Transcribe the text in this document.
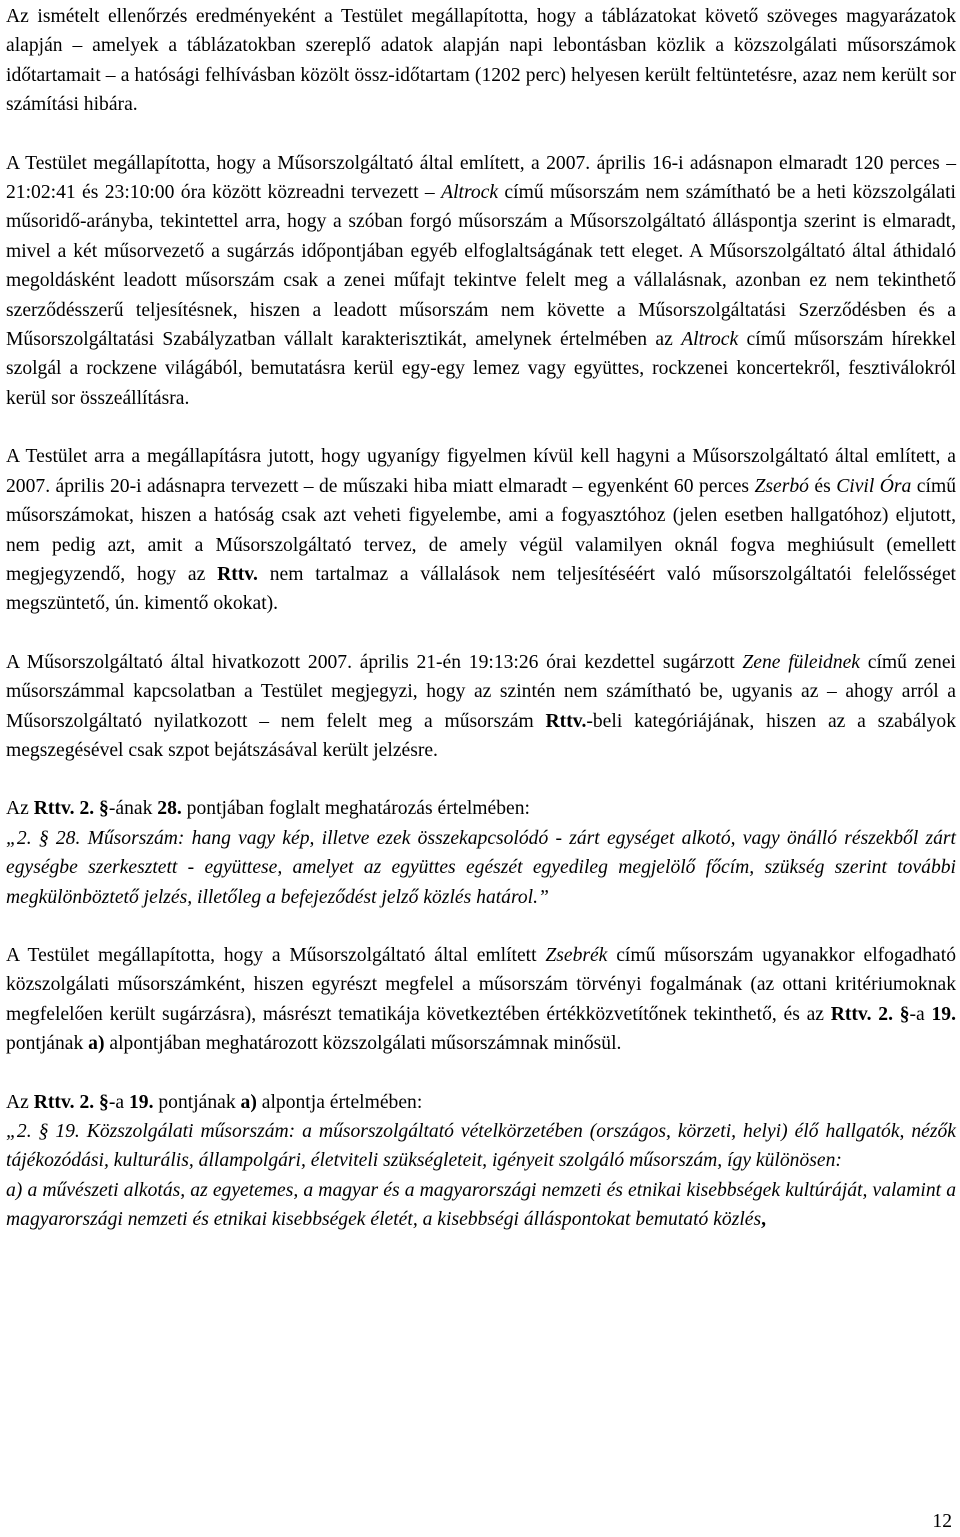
Az ismételt ellenőrzés eredményeként a Testület megállapította, hogy a táblázatokat követő szöveges magyarázatok alapján – amelyek a táblázatokban szereplő adatok alapján napi lebontásban közlik a közszolgálati műsorszámok időtartamait – a hatósági felhívásban közölt össz-időtartam (1202 perc) helyesen került feltüntetésre, azaz nem került sor számítási hibára.

A Testület megállapította, hogy a Műsorszolgáltató által említett, a 2007. április 16-i adásnapon elmaradt 120 perces – 21:02:41 és 23:10:00 óra között közreadni tervezett – Altrock című műsorszám nem számítható be a heti közszolgálati műsoridő-arányba, tekintettel arra, hogy a szóban forgó műsorszám a Műsorszolgáltató álláspontja szerint is elmaradt, mivel a két műsorvezető a sugárzás időpontjában egyéb elfoglaltságának tett eleget. A Műsorszolgáltató által áthidaló megoldásként leadott műsorszám csak a zenei műfajt tekintve felelt meg a vállalásnak, azonban ez nem tekinthető szerződésszerű teljesítésnek, hiszen a leadott műsorszám nem követte a Műsorszolgáltatási Szerződésben és a Műsorszolgáltatási Szabályzatban vállalt karakterisztikát, amelynek értelmében az Altrock című műsorszám hírekkel szolgál a rockzene világából, bemutatásra kerül egy-egy lemez vagy együttes, rockzenei koncertekről, fesztiválokról kerül sor összeállításra.

A Testület arra a megállapításra jutott, hogy ugyanígy figyelmen kívül kell hagyni a Műsorszolgáltató által említett, a 2007. április 20-i adásnapra tervezett – de műszaki hiba miatt elmaradt – egyenként 60 perces Zserbó és Civil Óra című műsorszámokat, hiszen a hatóság csak azt veheti figyelembe, ami a fogyasztóhoz (jelen esetben hallgatóhoz) eljutott, nem pedig azt, amit a Műsorszolgáltató tervez, de amely végül valamilyen oknál fogva meghiúsult (emellett megjegyzendő, hogy az Rttv. nem tartalmaz a vállalások nem teljesítéséért való műsorszolgáltatói felelősséget megszüntető, ún. kimentő okokat).

A Műsorszolgáltató által hivatkozott 2007. április 21-én 19:13:26 órai kezdettel sugárzott Zene füleidnek című zenei műsorszámmal kapcsolatban a Testület megjegyzi, hogy az szintén nem számítható be, ugyanis az – ahogy arról a Műsorszolgáltató nyilatkozott – nem felelt meg a műsorszám Rttv.-beli kategóriájának, hiszen az a szabályok megszegésével csak szpot bejátszásával került jelzésre.

Az Rttv. 2. §-ának 28. pontjában foglalt meghatározás értelmében:

„2. § 28. Műsorszám: hang vagy kép, illetve ezek összekapcsolódó - zárt egységet alkotó, vagy önálló részekből zárt egységbe szerkesztett - együttese, amelyet az együttes egészét egyedileg megjelölő főcím, szükség szerint további megkülönböztető jelzés, illetőleg a befejeződést jelző közlés határol.”

A Testület megállapította, hogy a Műsorszolgáltató által említett Zsebrék című műsorszám ugyanakkor elfogadható közszolgálati műsorszámként, hiszen egyrészt megfelel a műsorszám törvényi fogalmának (az ottani kritériumoknak megfelelően került sugárzásra), másrészt tematikája következtében értékközvetítőnek tekinthető, és az Rttv. 2. §-a 19. pontjának a) alpontjában meghatározott közszolgálati műsorszámnak minősül.

Az Rttv. 2. §-a 19. pontjának a) alpontja értelmében:

„2. § 19. Közszolgálati műsorszám: a műsorszolgáltató vételkörzetében (országos, körzeti, helyi) élő hallgatók, nézők tájékozódási, kulturális, állampolgári, életviteli szükségleteit, igényeit szolgáló műsorszám, így különösen:

a) a művészeti alkotás, az egyetemes, a magyar és a magyarországi nemzeti és etnikai kisebbségek kultúráját, valamint a magyarországi nemzeti és etnikai kisebbségek életét, a kisebbségi álláspontokat bemutató közlés,

12
